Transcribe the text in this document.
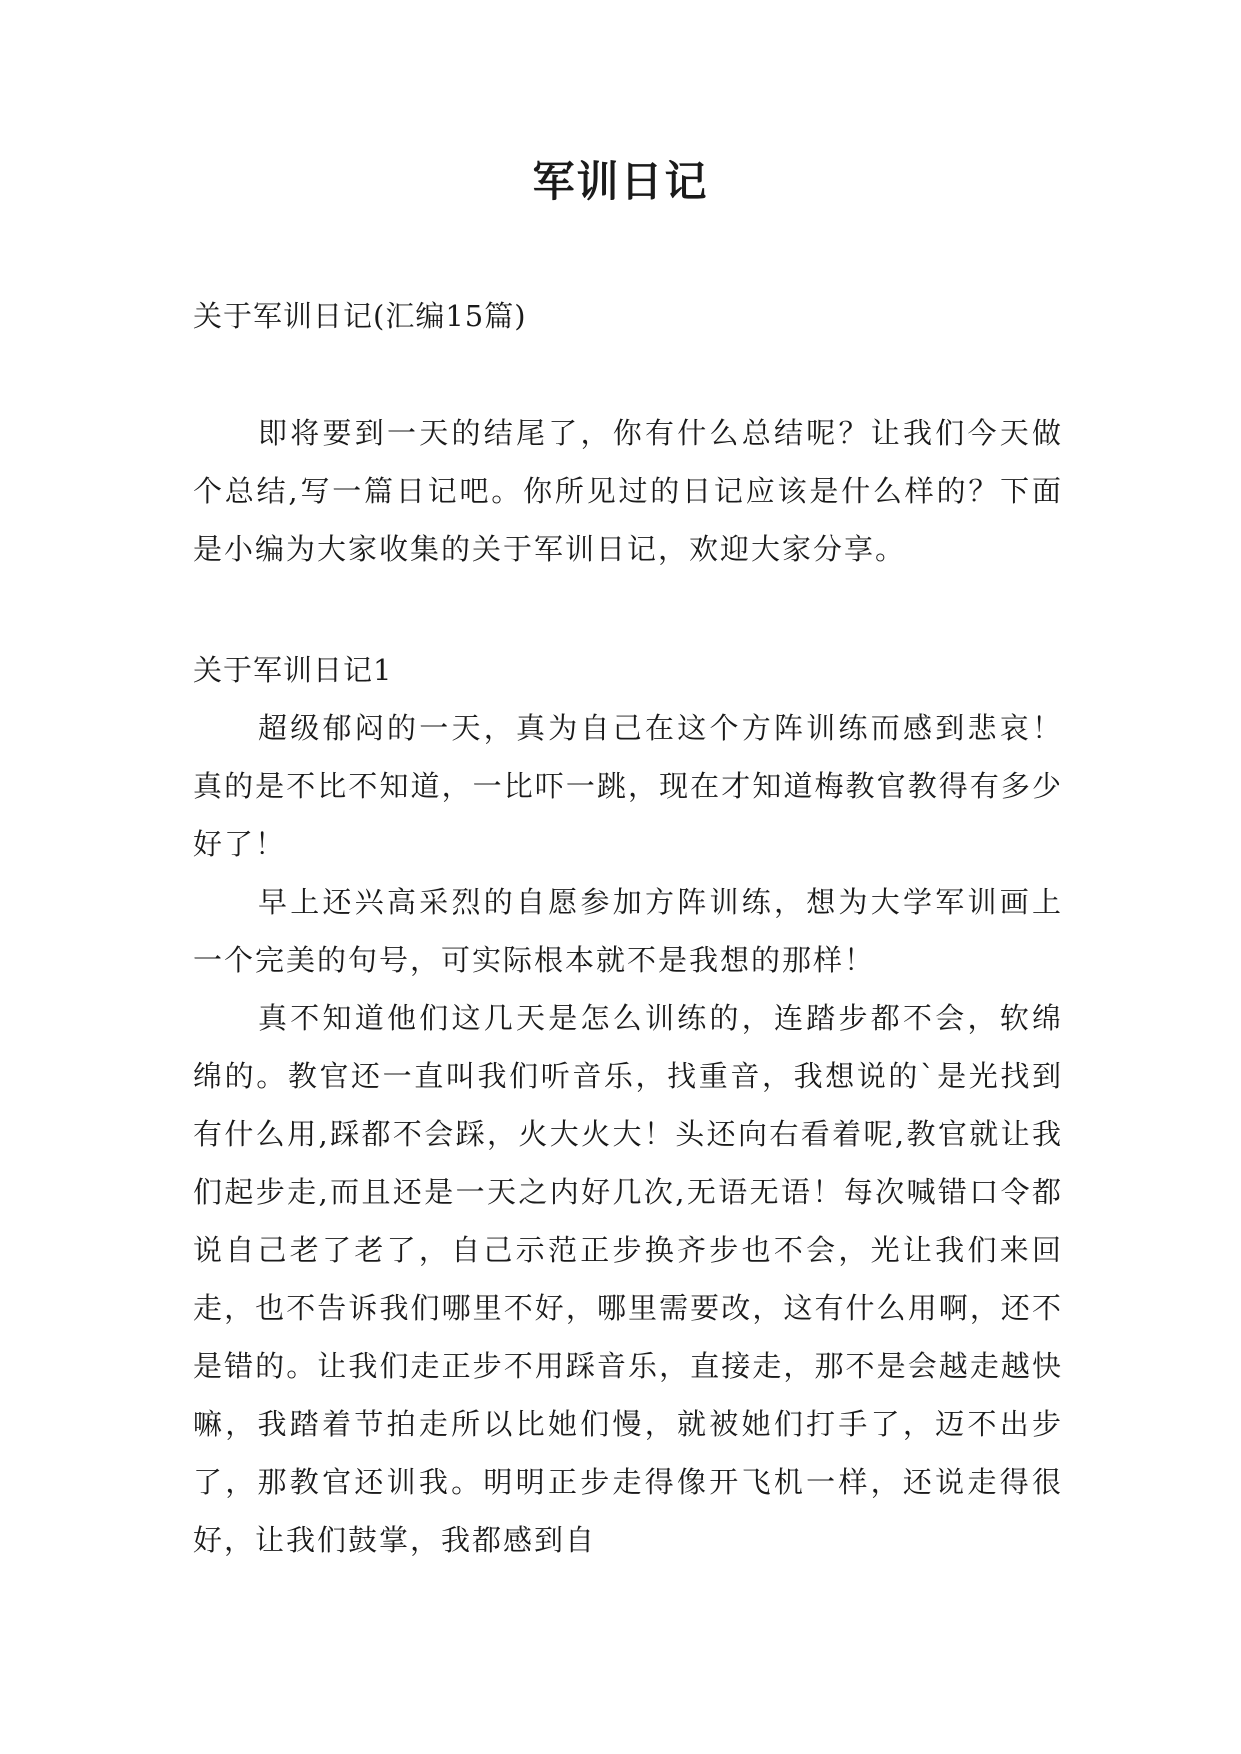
军训日记
关于军训日记(汇编15篇)

即将要到一天的结尾了，你有什么总结呢？让我们今天做个总结,写一篇日记吧。你所见过的日记应该是什么样的？下面是小编为大家收集的关于军训日记，欢迎大家分享。

关于军训日记1

超级郁闷的一天，真为自己在这个方阵训练而感到悲哀！真的是不比不知道，一比吓一跳，现在才知道梅教官教得有多少好了！

早上还兴高采烈的自愿参加方阵训练，想为大学军训画上一个完美的句号，可实际根本就不是我想的那样！

真不知道他们这几天是怎么训练的，连踏步都不会，软绵绵的。教官还一直叫我们听音乐，找重音，我想说的`是光找到有什么用,踩都不会踩，火大火大！头还向右看着呢,教官就让我们起步走,而且还是一天之内好几次,无语无语！每次喊错口令都说自己老了老了，自己示范正步换齐步也不会，光让我们来回走，也不告诉我们哪里不好，哪里需要改，这有什么用啊，还不是错的。让我们走正步不用踩音乐，直接走，那不是会越走越快嘛，我踏着节拍走所以比她们慢，就被她们打手了，迈不出步了，那教官还训我。明明正步走得像开飞机一样，还说走得很好，让我们鼓掌，我都感到自
